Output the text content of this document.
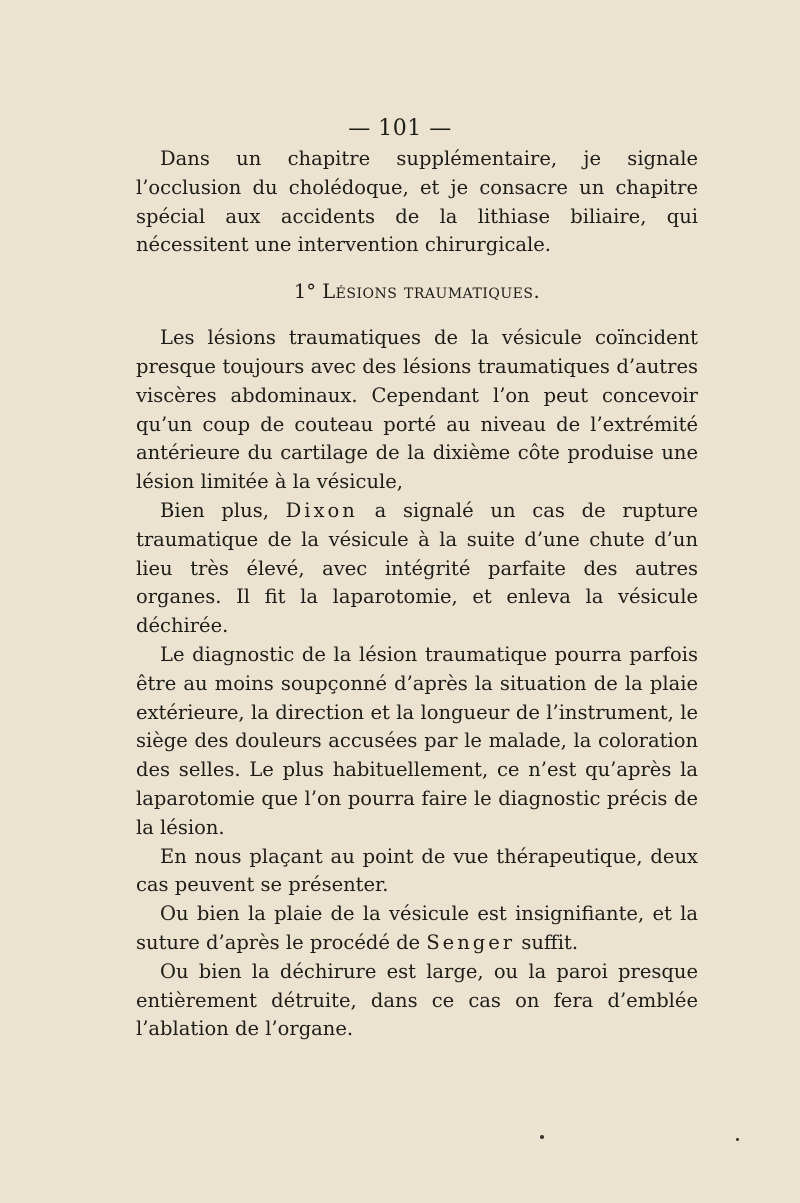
— 101 —

Dans un chapitre supplémentaire, je signale l’occlusion du cholédoque, et je consacre un chapitre spécial aux accidents de la lithiase biliaire, qui nécessitent une intervention chirurgicale.

1° Lésions traumatiques.

Les lésions traumatiques de la vésicule coïncident presque toujours avec des lésions traumatiques d’autres viscères abdominaux. Cependant l’on peut concevoir qu’un coup de couteau porté au niveau de l’extrémité antérieure du cartilage de la dixième côte produise une lésion limitée à la vésicule,

Bien plus, Dixon a signalé un cas de rupture traumatique de la vésicule à la suite d’une chute d’un lieu très élevé, avec intégrité parfaite des autres organes. Il fit la laparotomie, et enleva la vésicule déchirée.

Le diagnostic de la lésion traumatique pourra parfois être au moins soupçonné d’après la situation de la plaie extérieure, la direction et la longueur de l’instrument, le siège des douleurs accusées par le malade, la coloration des selles. Le plus habituellement, ce n’est qu’après la laparotomie que l’on pourra faire le diagnostic précis de la lésion.

En nous plaçant au point de vue thérapeutique, deux cas peuvent se présenter.

Ou bien la plaie de la vésicule est insignifiante, et la suture d’après le procédé de Senger suffit.

Ou bien la déchirure est large, ou la paroi presque entièrement détruite, dans ce cas on fera d’emblée l’ablation de l’organe.
